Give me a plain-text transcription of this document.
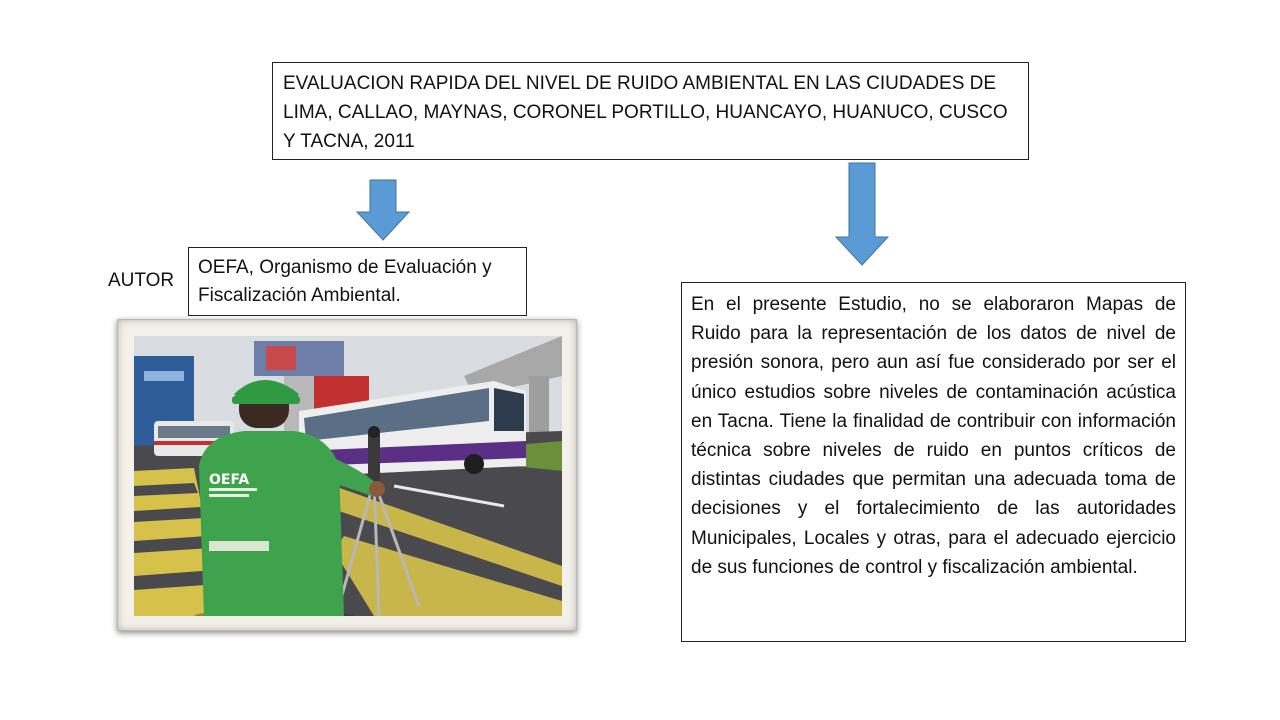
EVALUACION RAPIDA DEL NIVEL DE RUIDO AMBIENTAL EN LAS CIUDADES DE LIMA, CALLAO, MAYNAS, CORONEL PORTILLO, HUANCAYO, HUANUCO, CUSCO Y TACNA, 2011
AUTOR
OEFA, Organismo de Evaluación y Fiscalización Ambiental.
OEFA
En el presente Estudio, no se elaboraron Mapas de Ruido para la representación de los datos de nivel de presión sonora, pero aun así fue considerado por ser el único estudios sobre niveles de contaminación acústica en Tacna. Tiene la finalidad de contribuir con información técnica sobre niveles de ruido en puntos críticos de distintas ciudades que permitan una adecuada toma de decisiones y el fortalecimiento de las autoridades Municipales, Locales y otras, para el adecuado ejercicio de sus funciones de control y fiscalización ambiental.
